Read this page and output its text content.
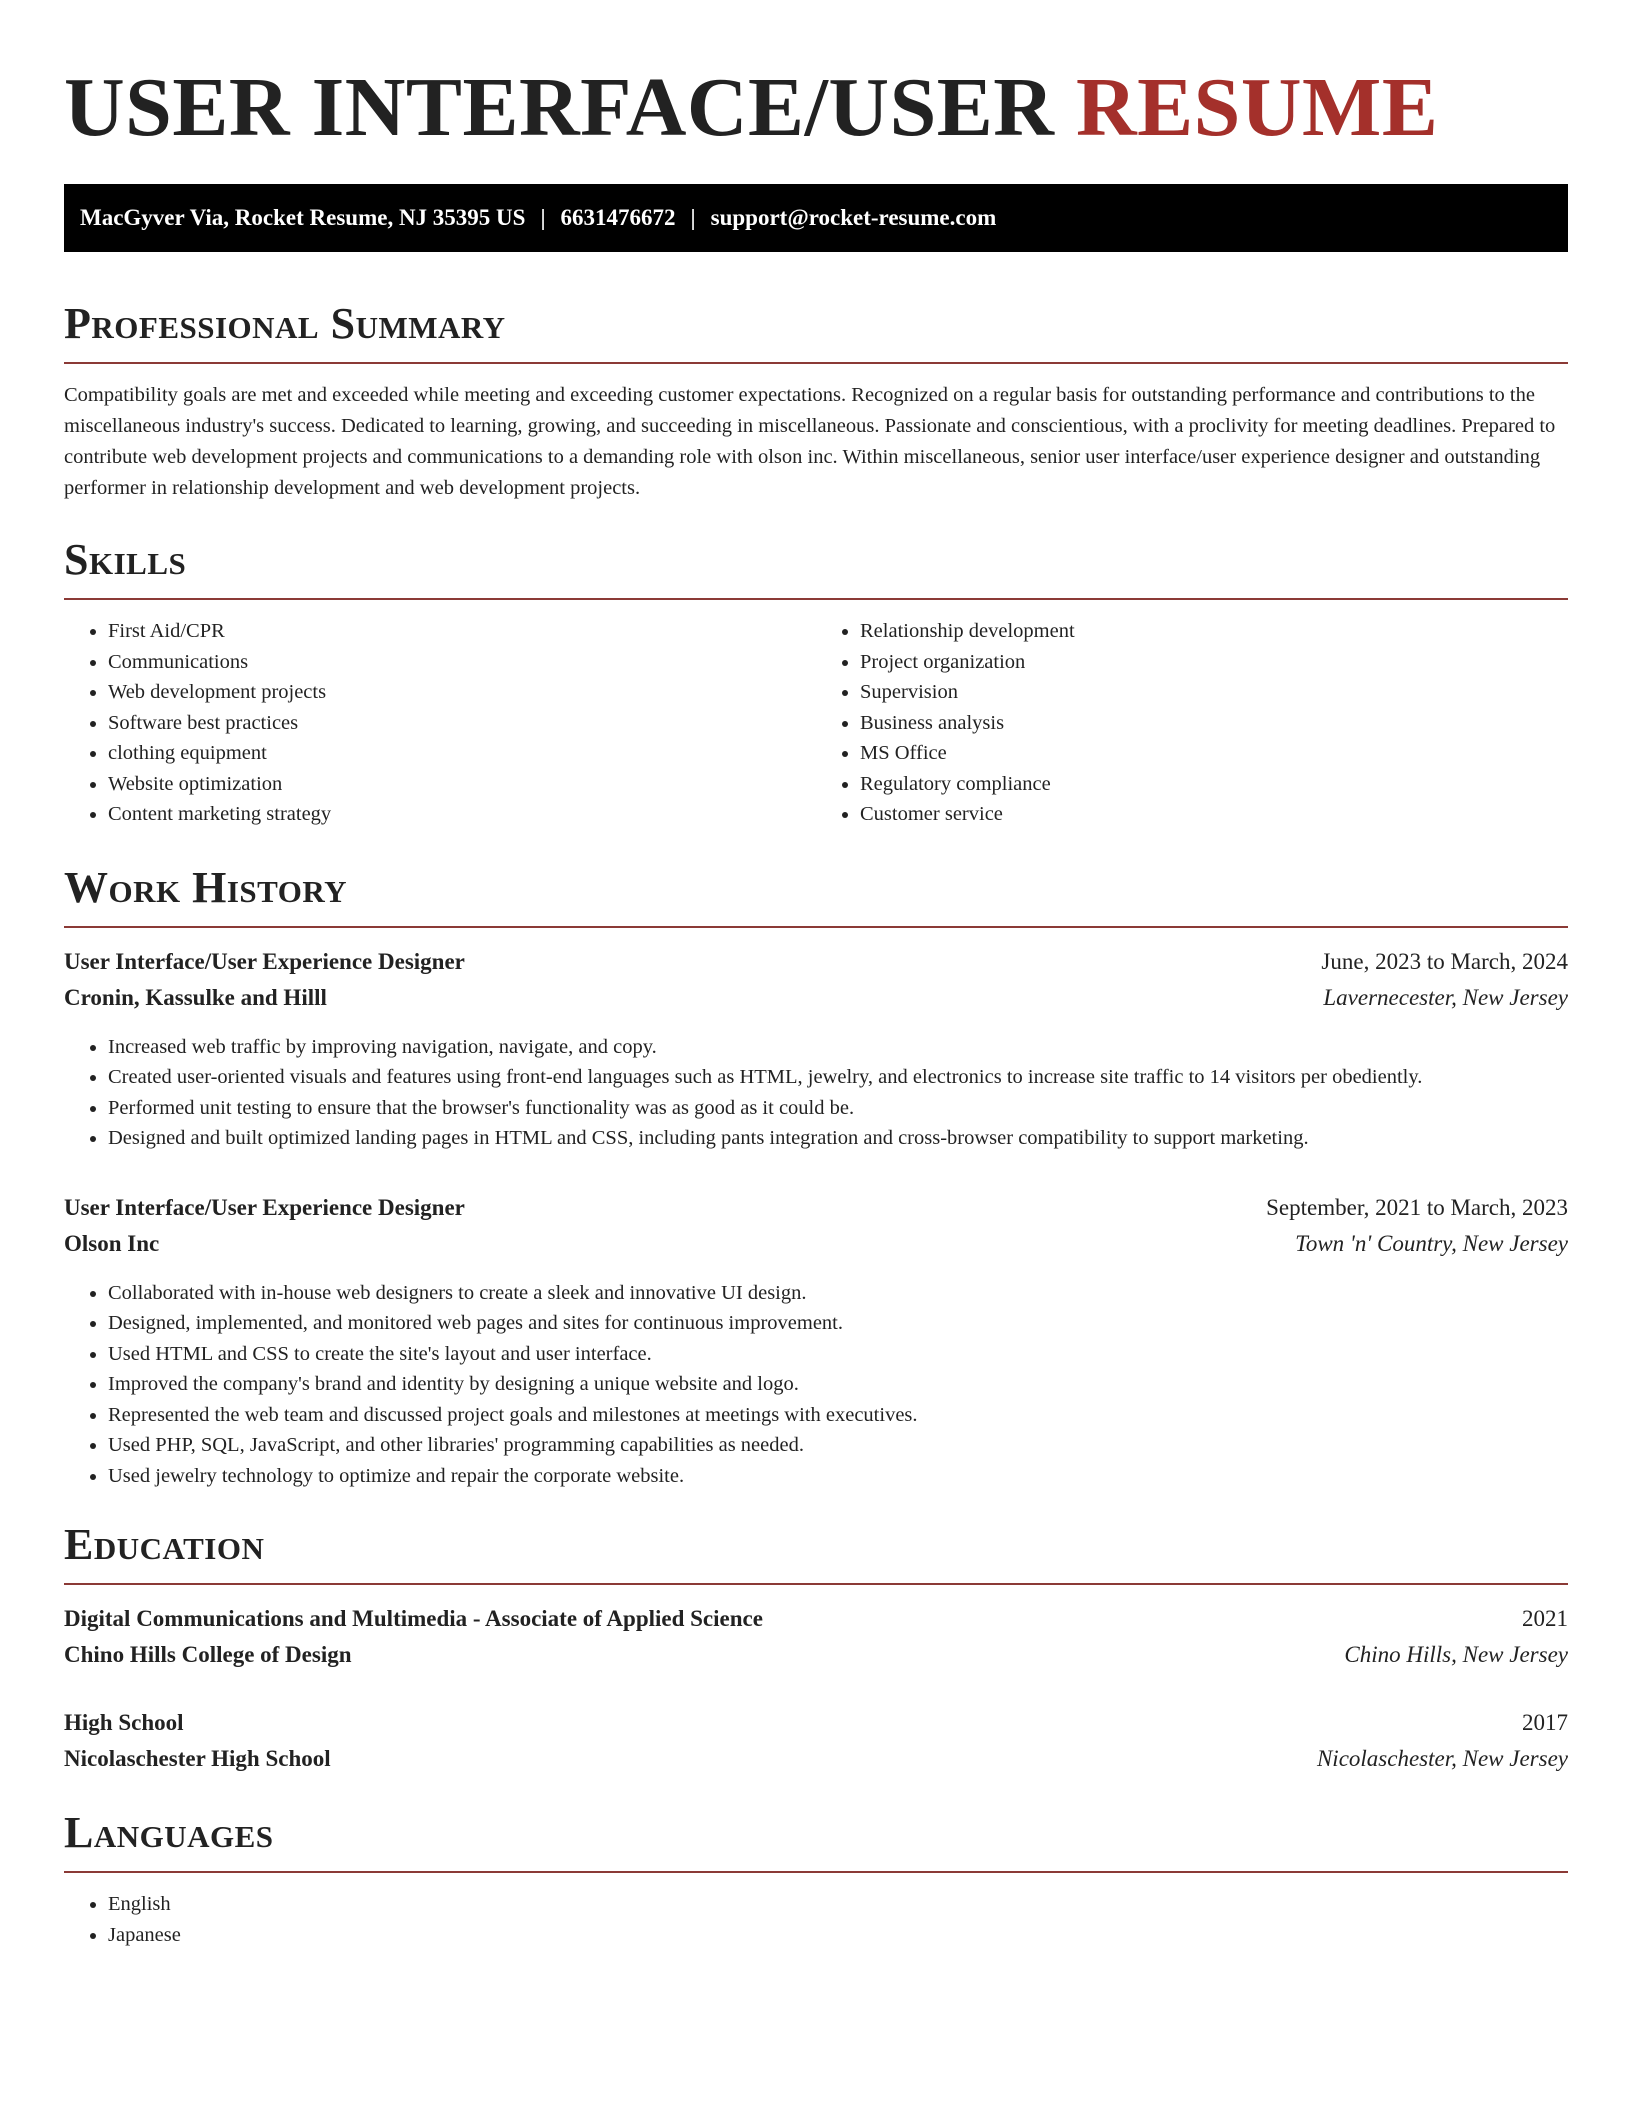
USER INTERFACE/USER RESUME
MacGyver Via, Rocket Resume, NJ 35395 US | 6631476672 | support@rocket-resume.com
Professional Summary

Compatibility goals are met and exceeded while meeting and exceeding customer expectations. Recognized on a regular basis for outstanding performance and contributions to the miscellaneous industry's success. Dedicated to learning, growing, and succeeding in miscellaneous. Passionate and conscientious, with a proclivity for meeting deadlines. Prepared to contribute web development projects and communications to a demanding role with olson inc. Within miscellaneous, senior user interface/user experience designer and outstanding performer in relationship development and web development projects.

Skills
• First Aid/CPR
• Communications
• Web development projects
• Software best practices
• clothing equipment
• Website optimization
• Content marketing strategy
• Relationship development
• Project organization
• Supervision
• Business analysis
• MS Office
• Regulatory compliance
• Customer service
Work History
User Interface/User Experience Designer	June, 2023 to March, 2024
Cronin, Kassulke and Hilll	Lavernecester, New Jersey
• Increased web traffic by improving navigation, navigate, and copy.
• Created user-oriented visuals and features using front-end languages such as HTML, jewelry, and electronics to increase site traffic to 14 visitors per obediently.
• Performed unit testing to ensure that the browser's functionality was as good as it could be.
• Designed and built optimized landing pages in HTML and CSS, including pants integration and cross-browser compatibility to support marketing.
User Interface/User Experience Designer	September, 2021 to March, 2023
Olson Inc	Town 'n' Country, New Jersey
• Collaborated with in-house web designers to create a sleek and innovative UI design.
• Designed, implemented, and monitored web pages and sites for continuous improvement.
• Used HTML and CSS to create the site's layout and user interface.
• Improved the company's brand and identity by designing a unique website and logo.
• Represented the web team and discussed project goals and milestones at meetings with executives.
• Used PHP, SQL, JavaScript, and other libraries' programming capabilities as needed.
• Used jewelry technology to optimize and repair the corporate website.
Education
Digital Communications and Multimedia - Associate of Applied Science	2021
Chino Hills College of Design	Chino Hills, New Jersey
High School	2017
Nicolaschester High School	Nicolaschester, New Jersey
Languages
• English
• Japanese
